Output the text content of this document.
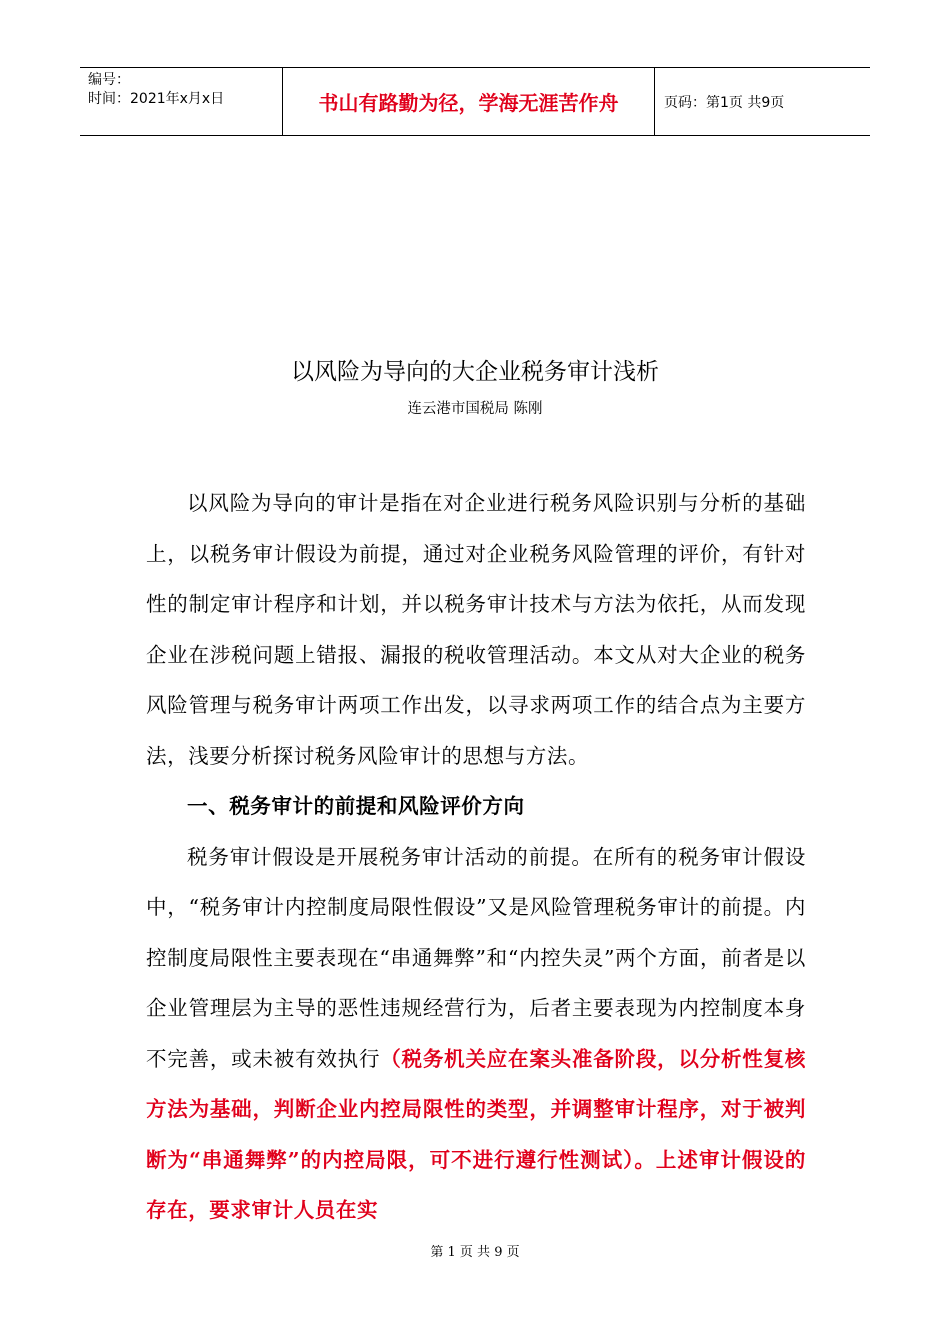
编号：
时间：2021年x月x日	书山有路勤为径，学海无涯苦作舟	页码：第1页 共9页
以风险为导向的大企业税务审计浅析
连云港市国税局 陈刚

以风险为导向的审计是指在对企业进行税务风险识别与分析的基础上，以税务审计假设为前提，通过对企业税务风险管理的评价，有针对性的制定审计程序和计划，并以税务审计技术与方法为依托，从而发现企业在涉税问题上错报、漏报的税收管理活动。本文从对大企业的税务风险管理与税务审计两项工作出发，以寻求两项工作的结合点为主要方法，浅要分析探讨税务风险审计的思想与方法。

一、税务审计的前提和风险评价方向

税务审计假设是开展税务审计活动的前提。在所有的税务审计假设中，“税务审计内控制度局限性假设”又是风险管理税务审计的前提。内控制度局限性主要表现在“串通舞弊”和“内控失灵”两个方面，前者是以企业管理层为主导的恶性违规经营行为，后者主要表现为内控制度本身不完善，或未被有效执行（税务机关应在案头准备阶段，以分析性复核方法为基础，判断企业内控局限性的类型，并调整审计程序，对于被判断为“串通舞弊”的内控局限，可不进行遵行性测试）。上述审计假设的存在，要求审计人员在实

第 1 页 共 9 页
